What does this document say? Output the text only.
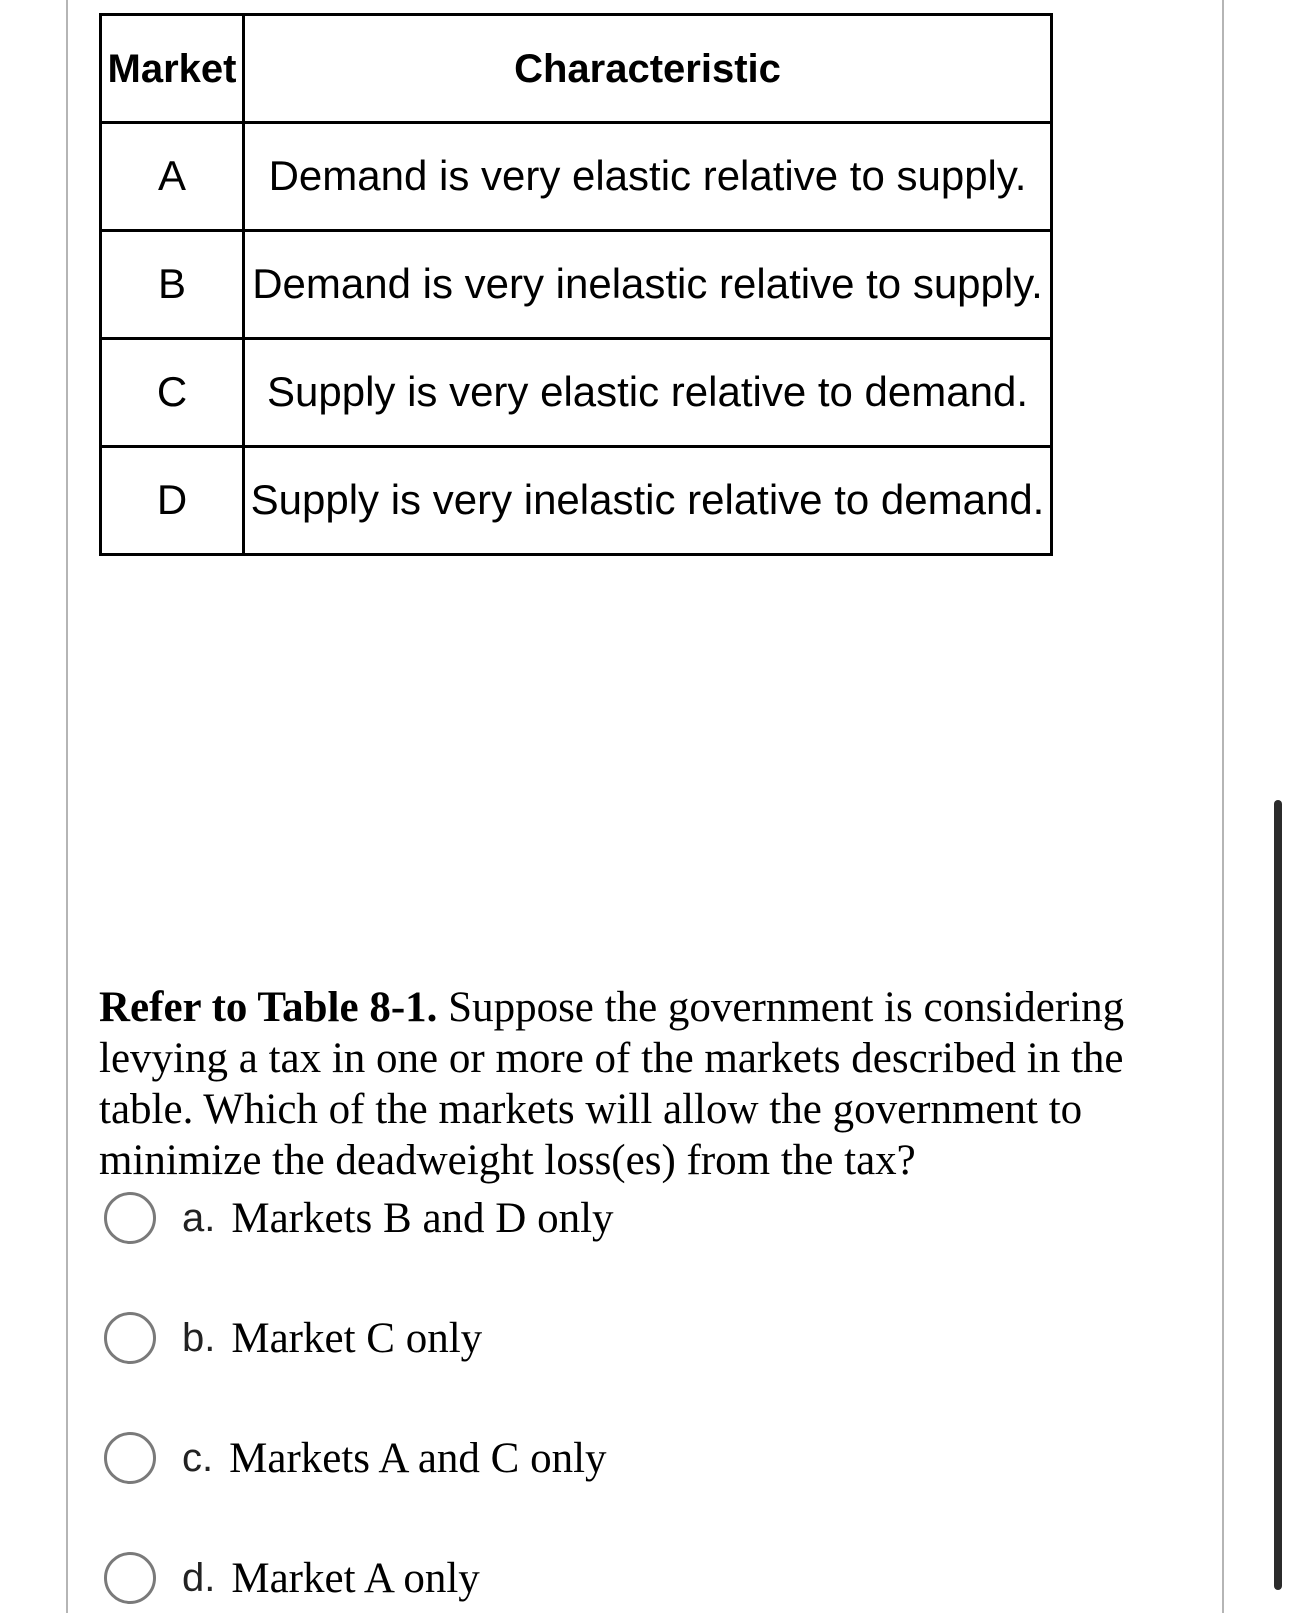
Market	Characteristic
A	Demand is very elastic relative to supply.
B	Demand is very inelastic relative to supply.
C	Supply is very elastic relative to demand.
D	Supply is very inelastic relative to demand.

Refer to Table 8-1. Suppose the government is considering levying a tax in one or more of the markets described in the table. Which of the markets will allow the government to minimize the deadweight loss(es) from the tax?

a. Markets B and D only
b. Market C only
c. Markets A and C only
d. Market A only
